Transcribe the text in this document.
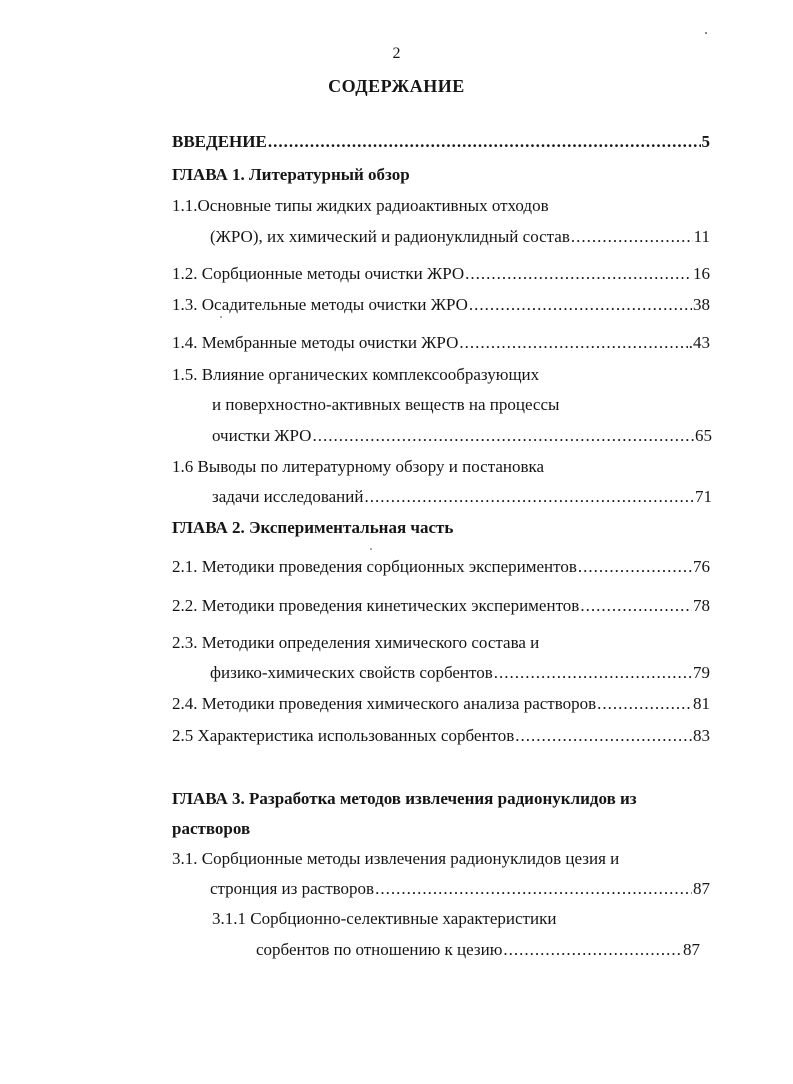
2
СОДЕРЖАНИЕ
ВВЕДЕНИЕ .....	5
ГЛАВА 1. Литературный обзор
1.1.Основные типы жидких радиоактивных отходов
(ЖРО), их химический и радионуклидный состав .....	11
1.2. Сорбционные методы очистки ЖРО .....	16
1.3. Осадительные методы очистки ЖРО .....	38
1.4. Мембранные методы очистки ЖРО .....	.43
1.5. Влияние органических комплексообразующих
и поверхностно-активных веществ на процессы
очистки ЖРО .....	65
1.6 Выводы по литературному обзору и постановка
задачи исследований .....	71
ГЛАВА 2. Экспериментальная часть
2.1. Методики проведения сорбционных экспериментов .....	76
2.2. Методики проведения кинетических экспериментов .....	78
2.3. Методики определения химического состава и
физико-химических свойств сорбентов .....	79
2.4. Методики проведения химического анализа растворов .....	81
2.5 Характеристика использованных сорбентов .....	83
ГЛАВА 3. Разработка методов извлечения радионуклидов из
растворов
3.1. Сорбционные методы извлечения радионуклидов цезия и
стронция из растворов .....	87
3.1.1 Сорбционно-селективные характеристики
сорбентов по отношению к цезию .....	87
